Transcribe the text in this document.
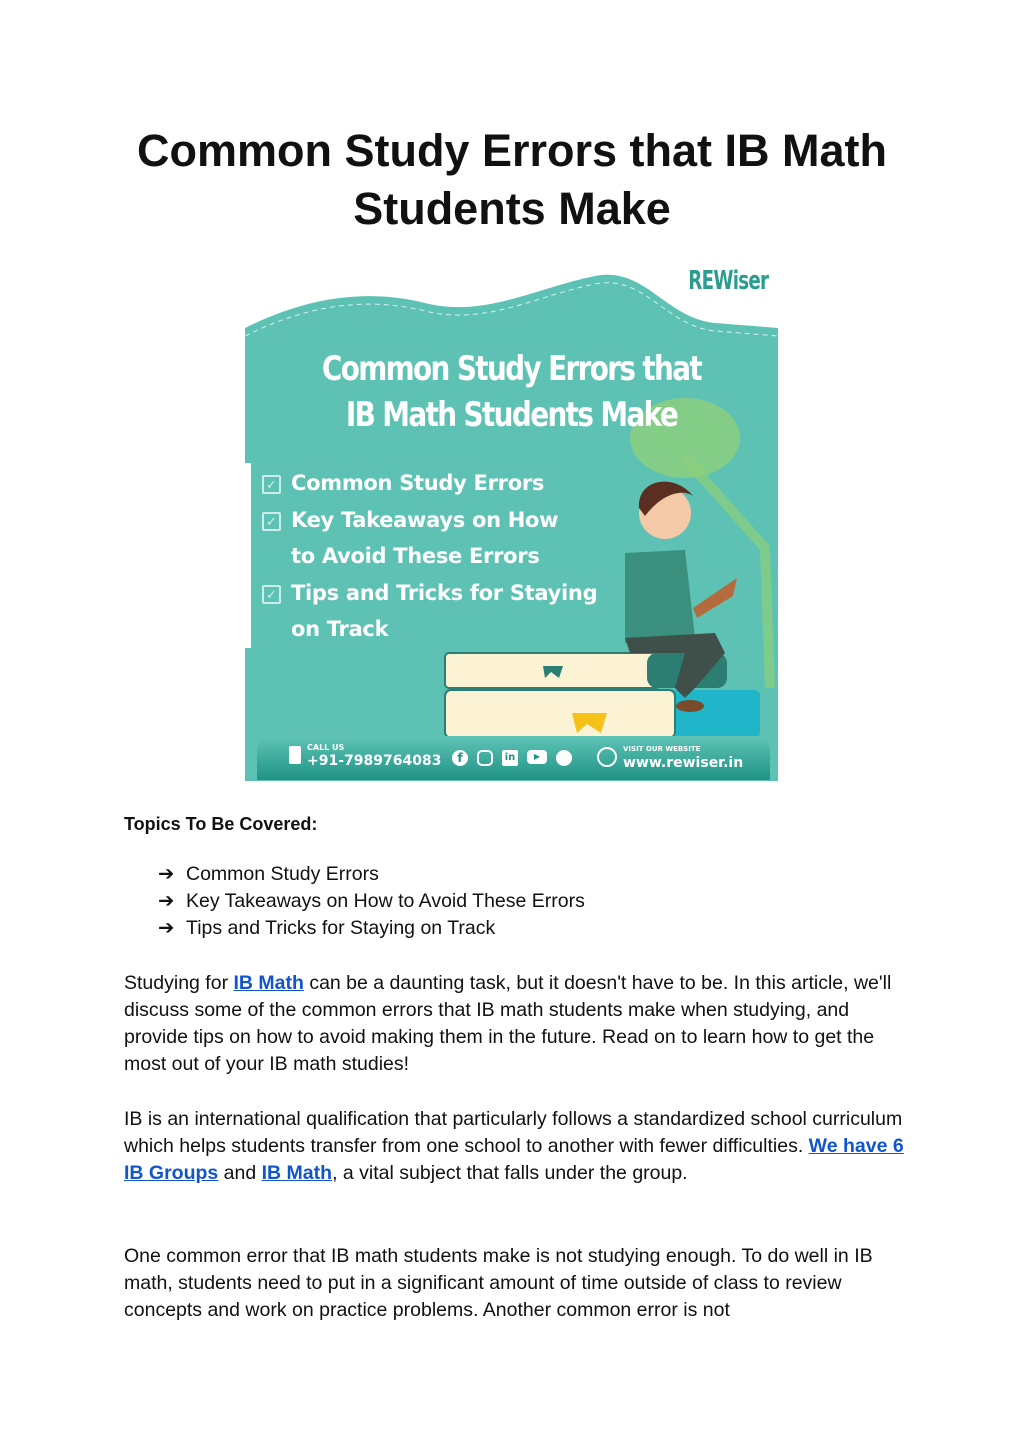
Common Study Errors that IB Math Students Make
REWiser
Common Study Errors that
IB Math Students Make
✓ Common Study Errors
✓ Key Takeaways on How
to Avoid These Errors
✓ Tips and Tricks for Staying
on Track
CALL US
+91-7989764083	f	in	▶
VISIT OUR WEBSITE
www.rewiser.in
Topics To Be Covered:
➔ Common Study Errors
➔ Key Takeaways on How to Avoid These Errors
➔ Tips and Tricks for Staying on Track

Studying for IB Math can be a daunting task, but it doesn't have to be. In this article, we'll discuss some of the common errors that IB math students make when studying, and provide tips on how to avoid making them in the future. Read on to learn how to get the most out of your IB math studies!

IB is an international qualification that particularly follows a standardized school curriculum which helps students transfer from one school to another with fewer difficulties. We have 6 IB Groups and IB Math, a vital subject that falls under the group.

One common error that IB math students make is not studying enough. To do well in IB math, students need to put in a significant amount of time outside of class to review concepts and work on practice problems. Another common error is not
